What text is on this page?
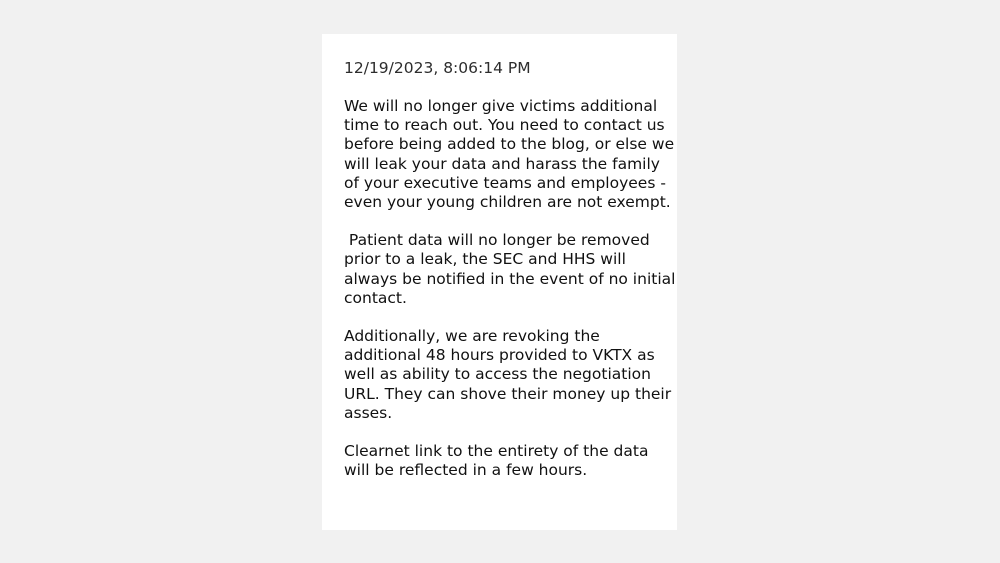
12/19/2023, 8:06:14 PM
We will no longer give victims additional
time to reach out. You need to contact us
before being added to the blog, or else we
will leak your data and harass the family
of your executive teams and employees -
even your young children are not exempt.
Patient data will no longer be removed
prior to a leak, the SEC and HHS will
always be notified in the event of no initial
contact.
Additionally, we are revoking the
additional 48 hours provided to VKTX as
well as ability to access the negotiation
URL. They can shove their money up their
asses.
Clearnet link to the entirety of the data
will be reflected in a few hours.
